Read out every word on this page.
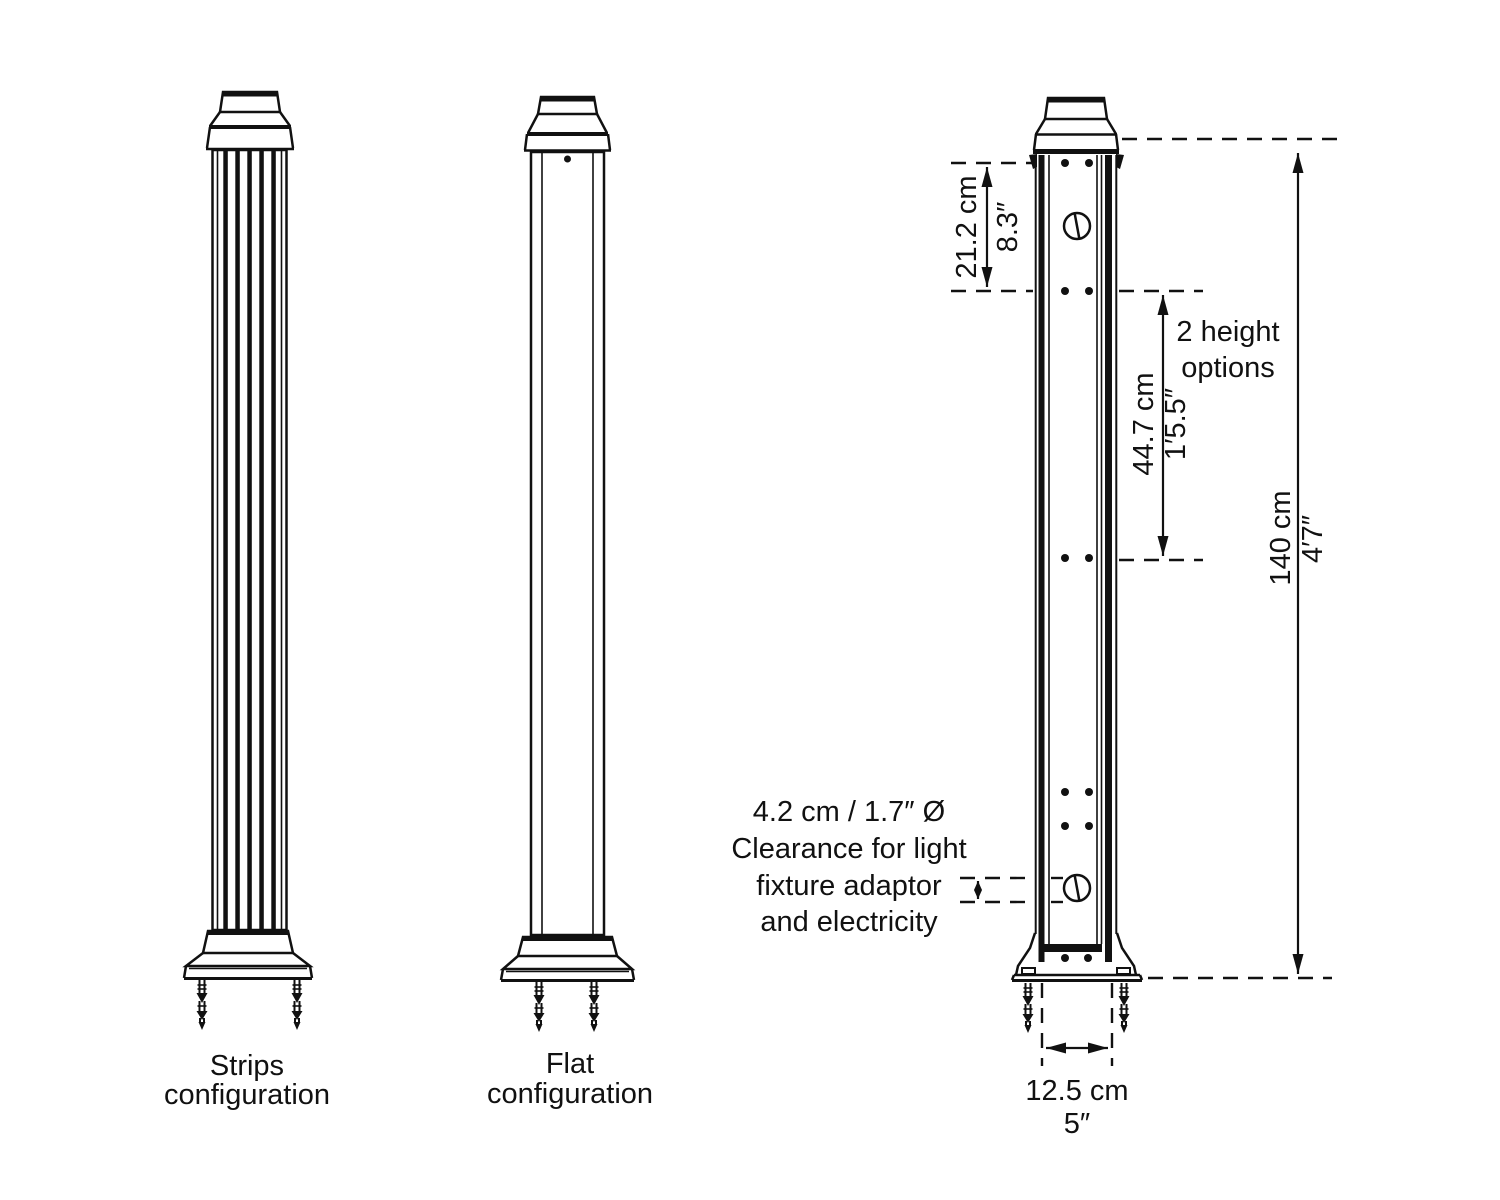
21.2 cm 8.3″
44.7 cm 1′5.5″
140 cm 4′7″
2 height
options
4.2 cm / 1.7″ Ø
Clearance for light
fixture adaptor
and electricity
12.5 cm
5″
Strips
configuration
Flat
configuration
